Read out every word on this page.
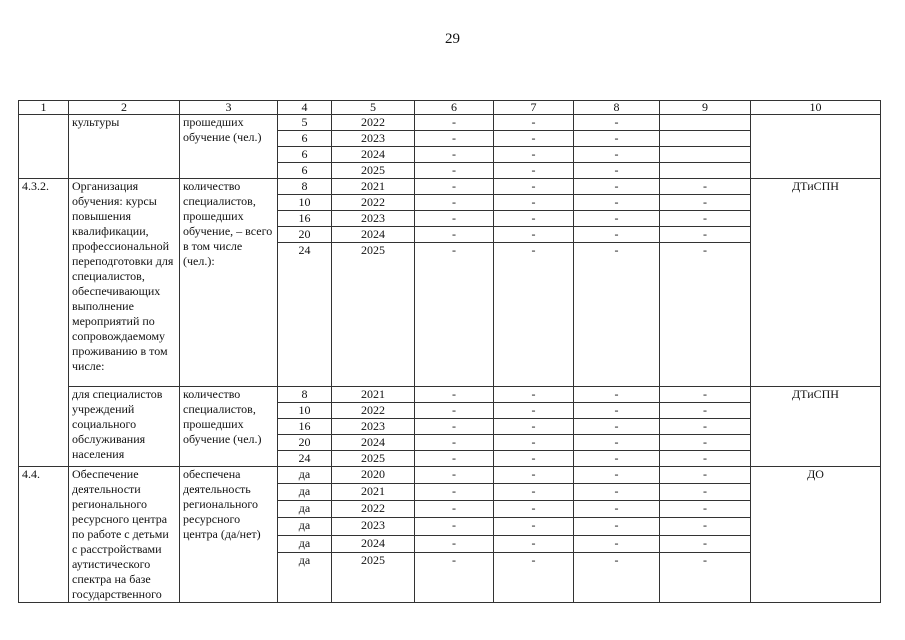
29
1	2	3	4	5	6	7	8	9	10
	культуры	прошедших обучение (чел.)	5	2022	-	-	-		
			6	2023	-	-	-		
			6	2024	-	-	-		
			6	2025	-	-	-		
4.3.2.	Организация обучения: курсы повышения квалификации, профессиональной переподготовки для специалистов, обеспечивающих выполнение мероприятий по сопровождаемому проживанию в том числе:	количество специалистов, прошедших обучение, – всего в том числе (чел.):	8	2021	-	-	-	-	ДТиСПН
			10	2022	-	-	-	-	
			16	2023	-	-	-	-	
			20	2024	-	-	-	-	
			24	2025	-	-	-	-	
	для специалистов учреждений социального обслуживания населения	количество специалистов, прошедших обучение (чел.)	8	2021	-	-	-	-	ДТиСПН
			10	2022	-	-	-	-	
			16	2023	-	-	-	-	
			20	2024	-	-	-	-	
			24	2025	-	-	-	-	
4.4.	Обеспечение деятельности регионального ресурсного центра по работе с детьми с расстройствами аутистического спектра на базе государственного	обеспечена деятельность регионального ресурсного центра (да/нет)	да	2020	-	-	-	-	ДО
			да	2021	-	-	-	-	
			да	2022	-	-	-	-	
			да	2023	-	-	-	-	
			да	2024	-	-	-	-	
			да	2025	-	-	-	-	
